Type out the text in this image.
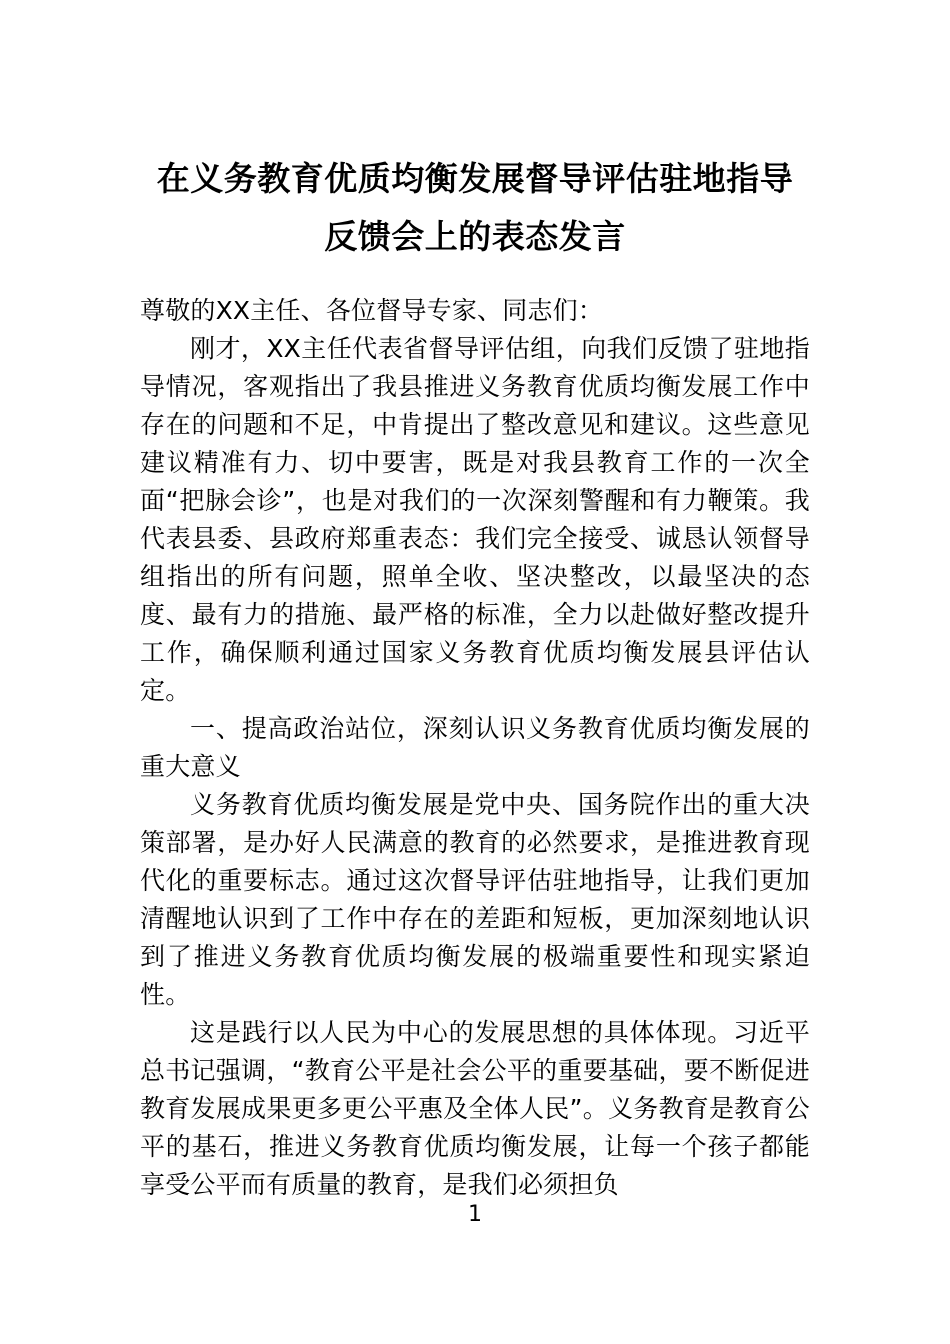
在义务教育优质均衡发展督导评估驻地指导反馈会上的表态发言

尊敬的XX主任、各位督导专家、同志们：

刚才，XX主任代表省督导评估组，向我们反馈了驻地指导情况，客观指出了我县推进义务教育优质均衡发展工作中存在的问题和不足，中肯提出了整改意见和建议。这些意见建议精准有力、切中要害，既是对我县教育工作的一次全面“把脉会诊”，也是对我们的一次深刻警醒和有力鞭策。我代表县委、县政府郑重表态：我们完全接受、诚恳认领督导组指出的所有问题，照单全收、坚决整改，以最坚决的态度、最有力的措施、最严格的标准，全力以赴做好整改提升工作，确保顺利通过国家义务教育优质均衡发展县评估认定。

一、提高政治站位，深刻认识义务教育优质均衡发展的重大意义

义务教育优质均衡发展是党中央、国务院作出的重大决策部署，是办好人民满意的教育的必然要求，是推进教育现代化的重要标志。通过这次督导评估驻地指导，让我们更加清醒地认识到了工作中存在的差距和短板，更加深刻地认识到了推进义务教育优质均衡发展的极端重要性和现实紧迫性。

这是践行以人民为中心的发展思想的具体体现。习近平总书记强调，“教育公平是社会公平的重要基础，要不断促进教育发展成果更多更公平惠及全体人民”。义务教育是教育公平的基石，推进义务教育优质均衡发展，让每一个孩子都能享受公平而有质量的教育，是我们必须担负

1
